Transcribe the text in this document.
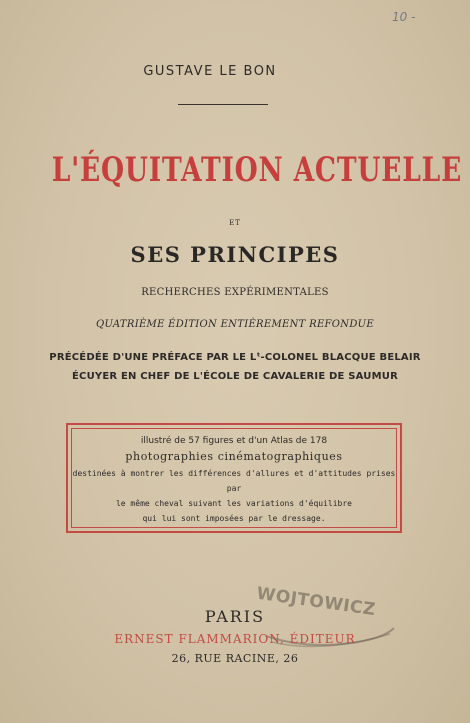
10 -
GUSTAVE LE BON
L'ÉQUITATION ACTUELLE
ET
SES PRINCIPES
RECHERCHES EXPÉRIMENTALES
QUATRIÈME ÉDITION ENTIÈREMENT REFONDUE
PRÉCÉDÉE D'UNE PRÉFACE PAR LE Lᵗ-COLONEL BLACQUE BELAIR
ÉCUYER EN CHEF DE L'ÉCOLE DE CAVALERIE DE SAUMUR
illustré de 57 figures et d'un Atlas de 178
photographies cinématographiques
destinées à montrer les différences d'allures et d'attitudes prises par
le même cheval suivant les variations d'équilibre
qui lui sont imposées par le dressage.
WOJTOWICZ
PARIS
ERNEST FLAMMARION, ÉDITEUR
26, RUE RACINE, 26
